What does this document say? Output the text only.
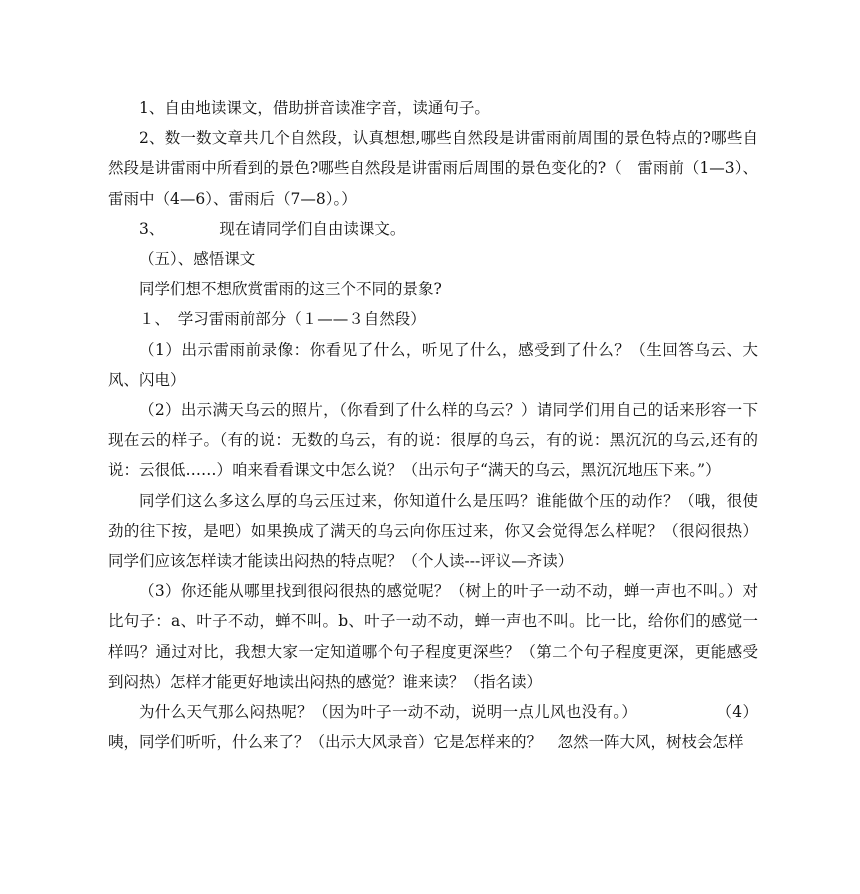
1、自由地读课文，借助拼音读准字音，读通句子。

2、数一数文章共几个自然段，认真想想,哪些自然段是讲雷雨前周围的景色特点的?哪些自然段是讲雷雨中所看到的景色?哪些自然段是讲雷雨后周围的景色变化的?（　雷雨前（1—3）、雷雨中（4—6）、雷雨后（7—8）。）

3、	现在请同学们自由读课文。

（五）、感悟课文

同学们想不想欣赏雷雨的这三个不同的景象?

１、　学习雷雨前部分（１——３自然段）

（1）出示雷雨前录像：你看见了什么，听见了什么，感受到了什么？（生回答乌云、大风、闪电）

（2）出示满天乌云的照片，（你看到了什么样的乌云？）请同学们用自己的话来形容一下现在云的样子。（有的说：无数的乌云，有的说：很厚的乌云，有的说：黑沉沉的乌云,还有的说：云很低……）咱来看看课文中怎么说？（出示句子“满天的乌云，黑沉沉地压下来。”）

同学们这么多这么厚的乌云压过来，你知道什么是压吗？谁能做个压的动作？（哦，很使劲的往下按，是吧）如果换成了满天的乌云向你压过来，你又会觉得怎么样呢？（很闷很热）同学们应该怎样读才能读出闷热的特点呢？（个人读---评议—齐读）

（3）你还能从哪里找到很闷很热的感觉呢？（树上的叶子一动不动，蝉一声也不叫。）对比句子：a、叶子不动，蝉不叫。b、叶子一动不动，蝉一声也不叫。比一比，给你们的感觉一样吗？通过对比，我想大家一定知道哪个句子程度更深些？（第二个句子程度更深，更能感受到闷热）怎样才能更好地读出闷热的感觉？谁来读？（指名读）

为什么天气那么闷热呢？（因为叶子一动不动，说明一点儿风也没有。）　　　　　　	（4）

咦，同学们听听，什么来了？（出示大风录音）它是怎样来的？　忽然一阵大风，树枝会怎样
